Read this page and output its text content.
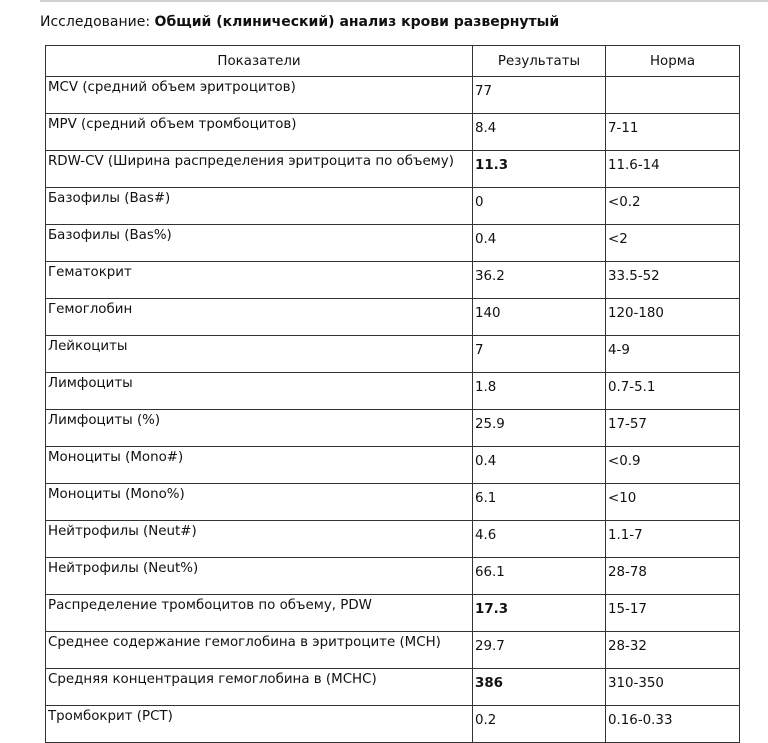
Исследование: Общий (клинический) анализ крови развернутый
Показатели	Результаты	Норма
MCV (средний объем эритроцитов)	77	
MPV (средний объем тромбоцитов)	8.4	7-11
RDW-CV (Ширина распределения эритроцита по объему)	11.3	11.6-14
Базофилы (Bas#)	0	<0.2
Базофилы (Bas%)	0.4	<2
Гематокрит	36.2	33.5-52
Гемоглобин	140	120-180
Лейкоциты	7	4-9
Лимфоциты	1.8	0.7-5.1
Лимфоциты (%)	25.9	17-57
Моноциты (Mono#)	0.4	<0.9
Моноциты (Mono%)	6.1	<10
Нейтрофилы (Neut#)	4.6	1.1-7
Нейтрофилы (Neut%)	66.1	28-78
Распределение тромбоцитов по объему, PDW	17.3	15-17
Среднее содержание гемоглобина в эритроците (MCH)	29.7	28-32
Средняя концентрация гемоглобина в (MCHC)	386	310-350
Тромбокрит (PCT)	0.2	0.16-0.33
